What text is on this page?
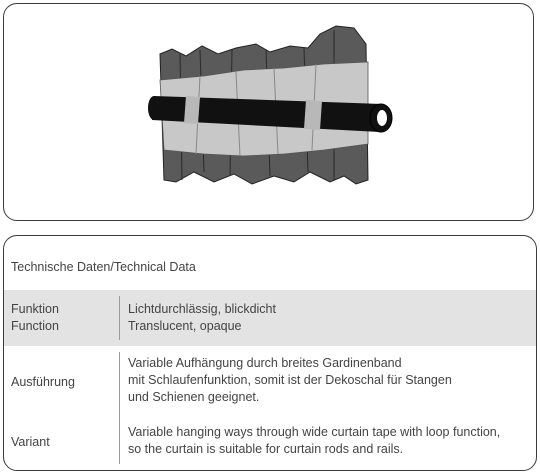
Technische Daten/Technical Data
Funktion
Function
Lichtdurchlässig, blickdicht
Translucent, opaque
Ausführung
Variant
Variable Aufhängung durch breites Gardinenband
mit Schlaufenfunktion, somit ist der Dekoschal für Stangen
und Schienen geeignet.
Variable hanging ways through wide curtain tape with loop function,
so the curtain is suitable for curtain rods and rails.
